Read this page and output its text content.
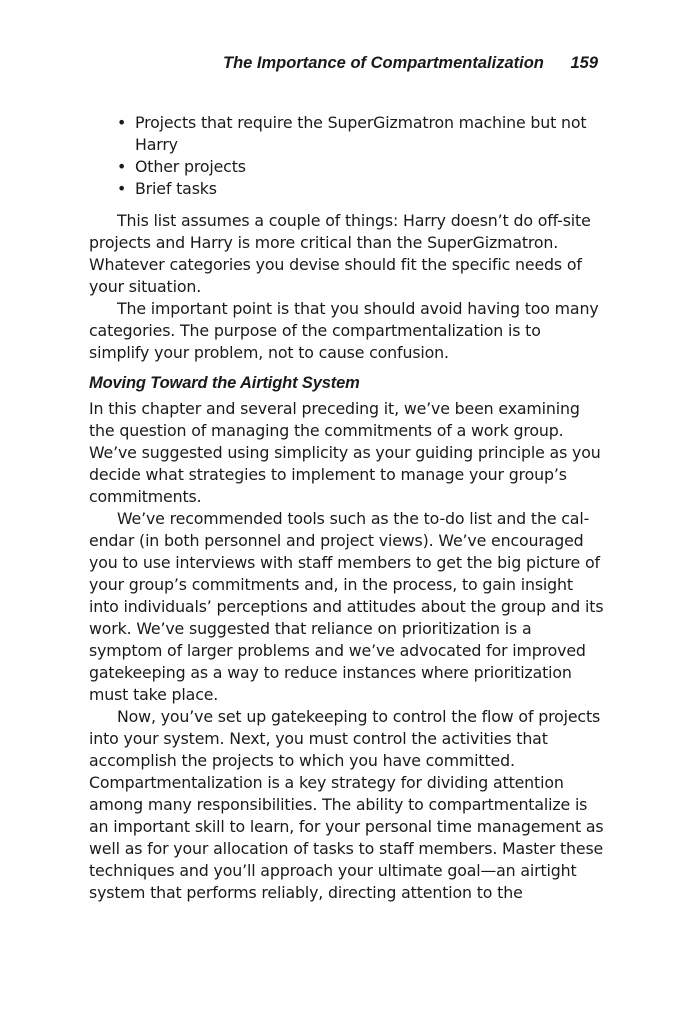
The Importance of Compartmentalization 159
• Projects that require the SuperGizmatron machine but not Harry
• Other projects
• Brief tasks

This list assumes a couple of things: Harry doesn’t do off-site projects and Harry is more critical than the SuperGizmatron. Whatever categories you devise should fit the specific needs of your situation.

The important point is that you should avoid having too many categories. The purpose of the compartmentalization is to simplify your problem, not to cause confusion.

Moving Toward the Airtight System

In this chapter and several preceding it, we’ve been examining the question of managing the commitments of a work group. We’ve suggested using simplicity as your guiding principle as you decide what strategies to implement to manage your group’s commitments.

We’ve recommended tools such as the to-do list and the calendar (in both personnel and project views). We’ve encouraged you to use interviews with staff members to get the big picture of your group’s commitments and, in the process, to gain insight into individuals’ perceptions and attitudes about the group and its work. We’ve suggested that reliance on prioritization is a symptom of larger problems and we’ve advocated for improved gatekeeping as a way to reduce instances where prioritization must take place.

Now, you’ve set up gatekeeping to control the flow of projects into your system. Next, you must control the activities that accomplish the projects to which you have committed. Compartmentalization is a key strategy for dividing attention among many responsibilities. The ability to compartmentalize is an important skill to learn, for your personal time management as well as for your allocation of tasks to staff members. Master these techniques and you’ll approach your ultimate goal—an airtight system that performs reliably, directing attention to the
